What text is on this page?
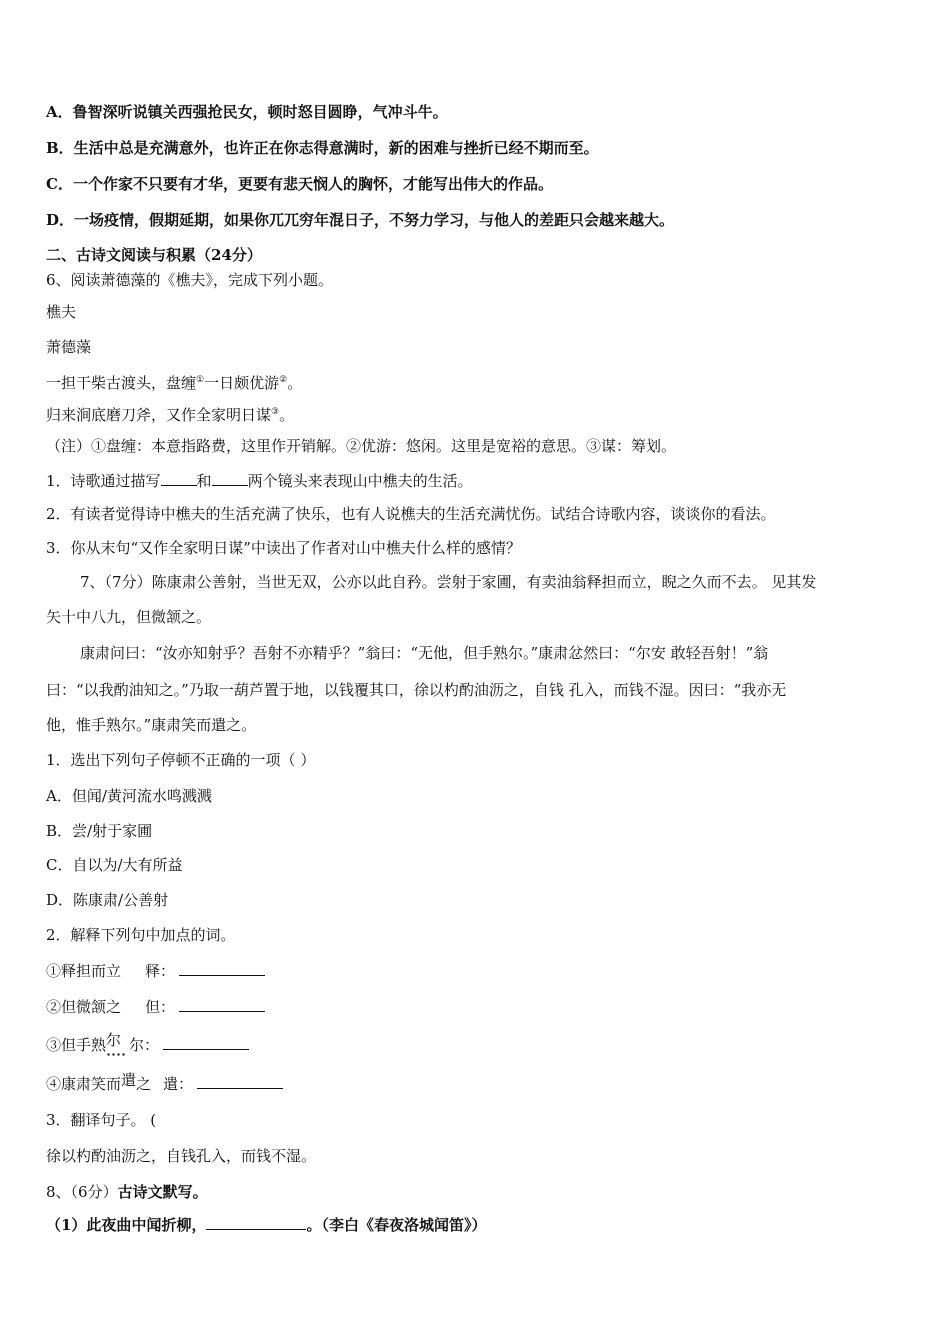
A．鲁智深听说镇关西强抢民女，顿时怒目圆睁，气冲斗牛。
B．生活中总是充满意外，也许正在你志得意满时，新的困难与挫折已经不期而至。
C．一个作家不只要有才华，更要有悲天悯人的胸怀，才能写出伟大的作品。
D．一场疫情，假期延期，如果你兀兀穷年混日子，不努力学习，与他人的差距只会越来越大。
二、古诗文阅读与积累（24分）
6、阅读萧德藻的《樵夫》，完成下列小题。
樵夫
萧德藻
一担干柴古渡头，盘缠①一日颇优游②。
归来涧底磨刀斧，又作全家明日谋③。
（注）①盘缠：本意指路费，这里作开销解。②优游：悠闲。这里是宽裕的意思。③谋：筹划。
1．诗歌通过描写 和 两个镜头来表现山中樵夫的生活。
2．有读者觉得诗中樵夫的生活充满了快乐，也有人说樵夫的生活充满忧伤。试结合诗歌内容，谈谈你的看法。
3．你从末句“又作全家明日谋”中读出了作者对山中樵夫什么样的感情？
7、（7分）陈康肃公善射，当世无双，公亦以此自矜。尝射于家圃，有卖油翁释担而立，睨之久而不去。 见其发
矢十中八九，但微颔之。
康肃问曰：“汝亦知射乎？吾射不亦精乎？”翁曰：“无他，但手熟尔。”康肃忿然曰：“尔安 敢轻吾射！”翁
曰：“以我酌油知之。”乃取一葫芦置于地，以钱覆其口，徐以杓酌油沥之，自钱 孔入，而钱不湿。因曰：“我亦无
他，惟手熟尔。”康肃笑而遣之。
1．选出下列句子停顿不正确的一项（ ）
A．但闻/黄河流水鸣溅溅
B．尝/射于家圃
C．自以为/大有所益
D．陈康肃/公善射
2．解释下列句中加点的词。
①释担而立 释：
②但微颔之 但：
③但手熟尔 尔：
④康肃笑而遣之 遣：
3．翻译句子。 (
徐以杓酌油沥之，自钱孔入，而钱不湿。
8、（6分）古诗文默写。
（1）此夜曲中闻折柳，	。（李白《春夜洛城闻笛》）
